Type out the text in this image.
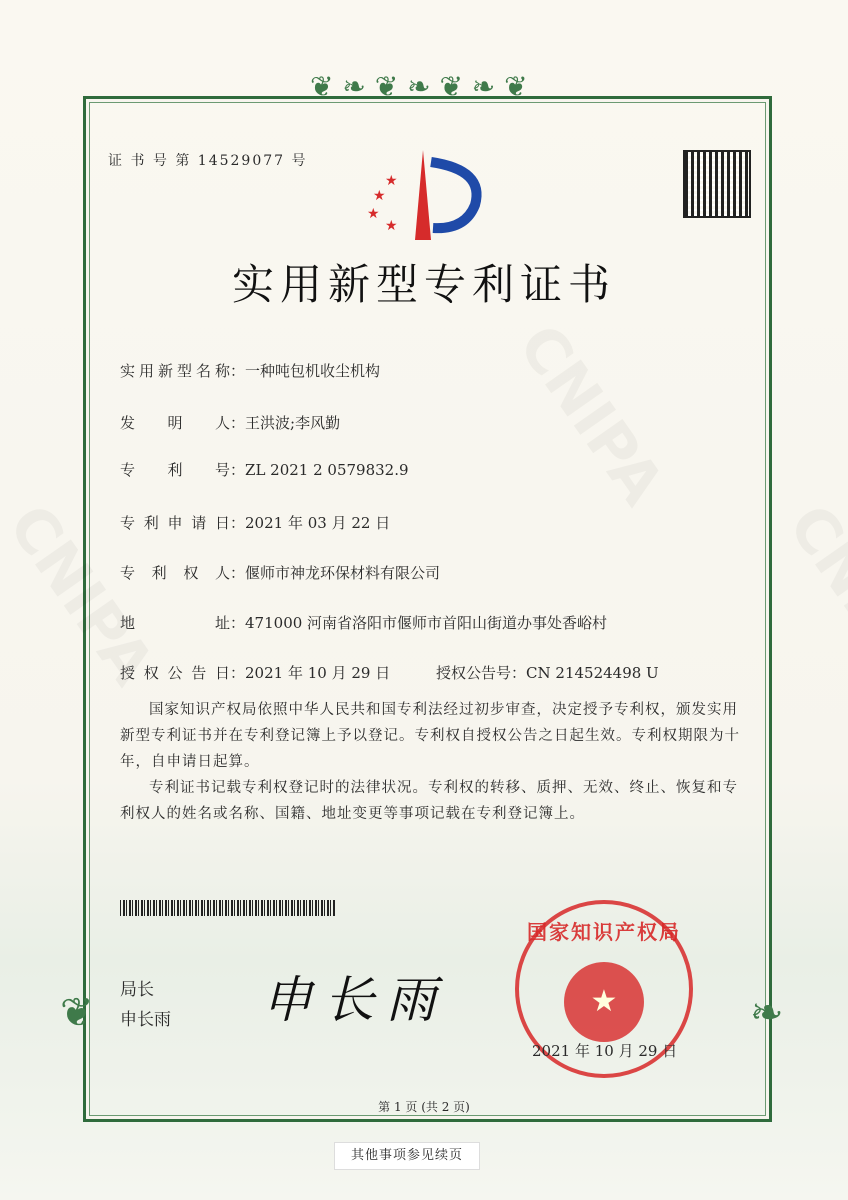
❦ ❧ ❦ ❧ ❦ ❧ ❦
❦	❧
证 书 号 第 14529077 号
★
★
★
★
实用新型专利证书
实用新型名称：一种吨包机收尘机构
发明人：王洪波;李风勤
专利号：ZL 2021 2 0579832.9
专利申请日：2021 年 03 月 22 日
专利权人：偃师市神龙环保材料有限公司
地址：471000 河南省洛阳市偃师市首阳山街道办事处香峪村
授权公告日：2021 年 10 月 29 日	授权公告号：CN 214524498 U
国家知识产权局依照中华人民共和国专利法经过初步审查，决定授予专利权，颁发实用新型专利证书并在专利登记簿上予以登记。专利权自授权公告之日起生效。专利权期限为十年，自申请日起算。
专利证书记载专利权登记时的法律状况。专利权的转移、质押、无效、终止、恢复和专利权人的姓名或名称、国籍、地址变更等事项记载在专利登记簿上。
局长
申长雨 申长雨
国家知识产权局
★
2021 年 10 月 29 日
第 1 页 (共 2 页)
其他事项参见续页
